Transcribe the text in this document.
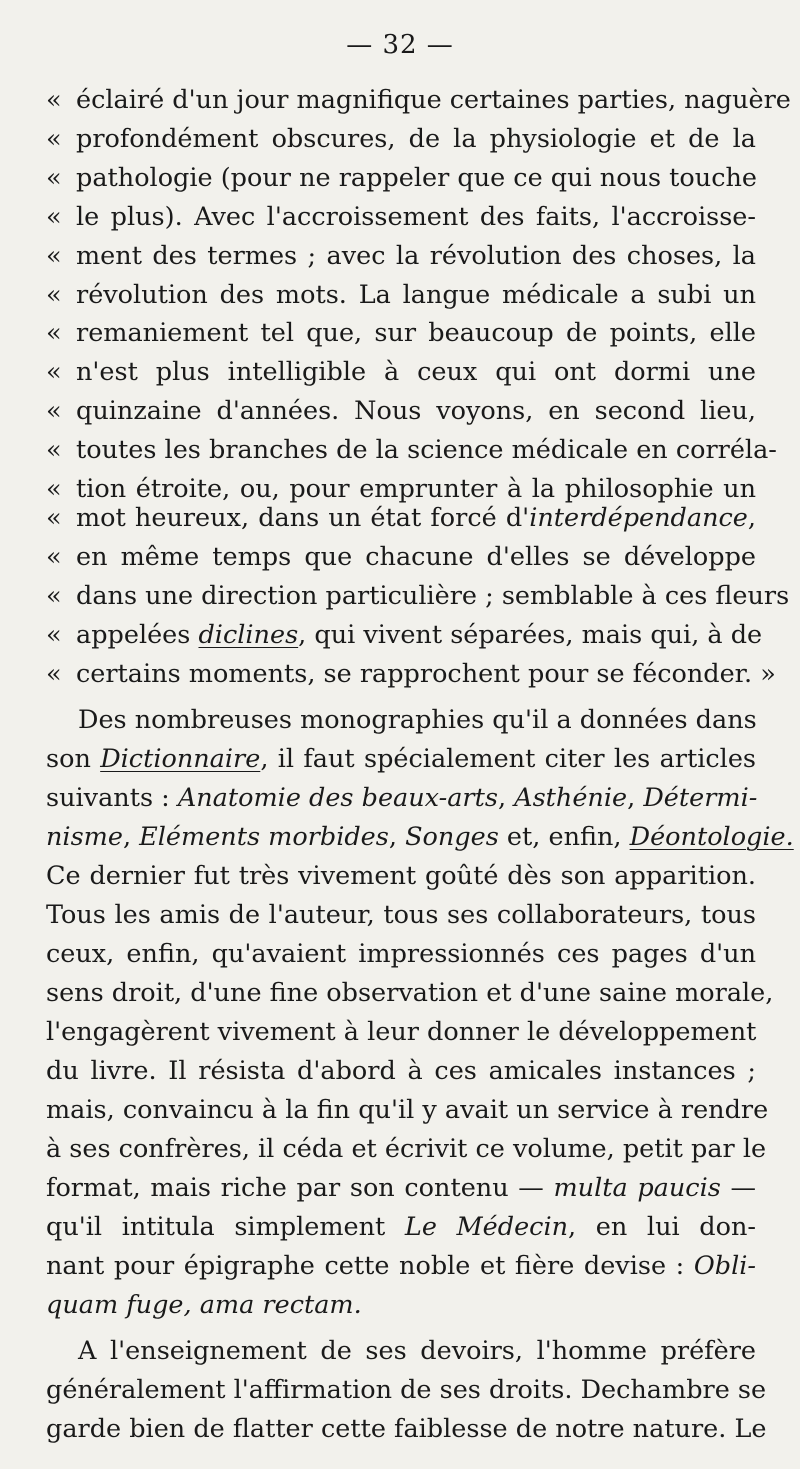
— 32 —
« éclairé d'un jour magnifique certaines parties, naguère
« profondément obscures, de la physiologie et de la
« pathologie (pour ne rappeler que ce qui nous touche
« le plus). Avec l'accroissement des faits, l'accroisse-
« ment des termes ; avec la révolution des choses, la
« révolution des mots. La langue médicale a subi un
« remaniement tel que, sur beaucoup de points, elle
« n'est plus intelligible à ceux qui ont dormi une
« quinzaine d'années. Nous voyons, en second lieu,
« toutes les branches de la science médicale en corréla-
« tion étroite, ou, pour emprunter à la philosophie un
« mot heureux, dans un état forcé d'interdépendance,
« en même temps que chacune d'elles se développe
« dans une direction particulière ; semblable à ces fleurs
« appelées diclines, qui vivent séparées, mais qui, à de
« certains moments, se rapprochent pour se féconder. »
Des nombreuses monographies qu'il a données dans
son Dictionnaire, il faut spécialement citer les articles
suivants : Anatomie des beaux-arts, Asthénie, Détermi-
nisme, Eléments morbides, Songes et, enfin, Déontologie.
Ce dernier fut très vivement goûté dès son apparition.
Tous les amis de l'auteur, tous ses collaborateurs, tous
ceux, enfin, qu'avaient impressionnés ces pages d'un
sens droit, d'une fine observation et d'une saine morale,
l'engagèrent vivement à leur donner le développement
du livre. Il résista d'abord à ces amicales instances ;
mais, convaincu à la fin qu'il y avait un service à rendre
à ses confrères, il céda et écrivit ce volume, petit par le
format, mais riche par son contenu — multa paucis —
qu'il intitula simplement Le Médecin, en lui don-
nant pour épigraphe cette noble et fière devise : Obli-
quam fuge, ama rectam.
A l'enseignement de ses devoirs, l'homme préfère
généralement l'affirmation de ses droits. Dechambre se
garde bien de flatter cette faiblesse de notre nature. Le
